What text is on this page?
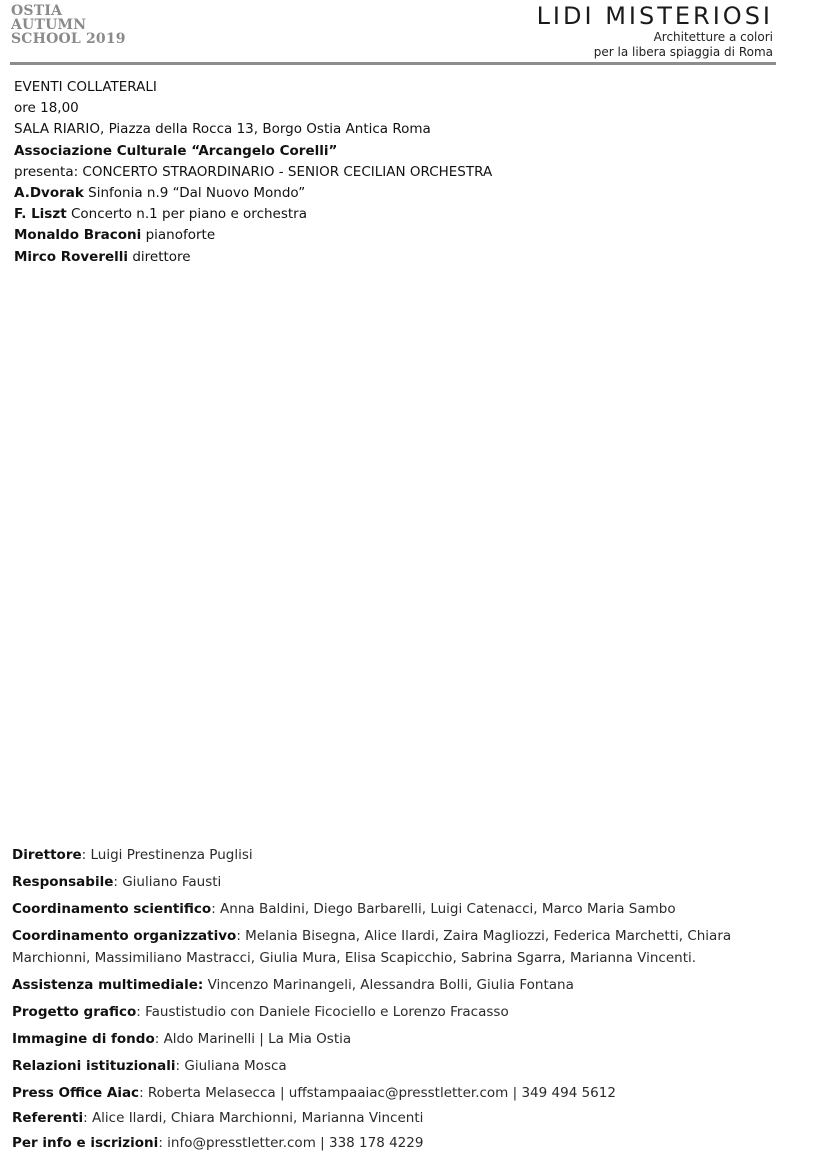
OSTIA
AUTUMN
SCHOOL 2019
LIDI MISTERIOSI
Architetture a colori
per la libera spiaggia di Roma
EVENTI COLLATERALI
ore 18,00
SALA RIARIO, Piazza della Rocca 13, Borgo Ostia Antica Roma
Associazione Culturale “Arcangelo Corelli”
presenta: CONCERTO STRAORDINARIO - SENIOR CECILIAN ORCHESTRA
A.Dvorak Sinfonia n.9 “Dal Nuovo Mondo”
F. Liszt Concerto n.1 per piano e orchestra
Monaldo Braconi pianoforte
Mirco Roverelli direttore

Direttore: Luigi Prestinenza Puglisi

Responsabile: Giuliano Fausti

Coordinamento scientifico: Anna Baldini, Diego Barbarelli, Luigi Catenacci, Marco Maria Sambo

Coordinamento organizzativo: Melania Bisegna, Alice Ilardi, Zaira Magliozzi, Federica Marchetti, Chiara Marchionni, Massimiliano Mastracci, Giulia Mura, Elisa Scapicchio, Sabrina Sgarra, Marianna Vincenti.

Assistenza multimediale: Vincenzo Marinangeli, Alessandra Bolli, Giulia Fontana

Progetto grafico: Faustistudio con Daniele Ficociello e Lorenzo Fracasso

Immagine di fondo: Aldo Marinelli | La Mia Ostia

Relazioni istituzionali: Giuliana Mosca

Press Office Aiac: Roberta Melasecca | uffstampaaiac@presstletter.com | 349 494 5612

Referenti: Alice Ilardi, Chiara Marchionni, Marianna Vincenti

Per info e iscrizioni: info@presstletter.com | 338 178 4229
